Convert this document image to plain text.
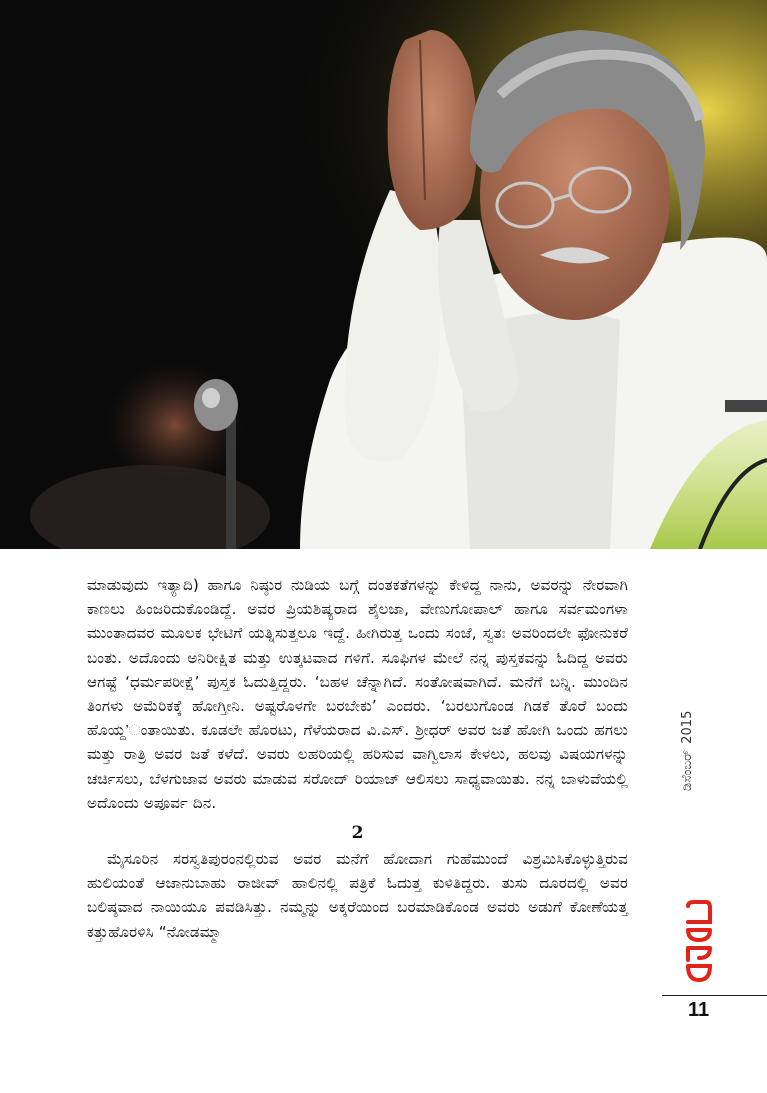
ಮಾಡುವುದು ಇತ್ಯಾದಿ) ಹಾಗೂ ನಿಷ್ಠುರ ನುಡಿಯ ಬಗ್ಗೆ ದಂತಕತೆಗಳನ್ನು ಕೇಳಿದ್ದ ನಾನು, ಅವರನ್ನು ನೇರವಾಗಿ ಕಾಣಲು ಹಿಂಜರಿದುಕೊಂಡಿದ್ದೆ. ಅವರ ಪ್ರಿಯಶಿಷ್ಯರಾದ ಶೈಲಜಾ, ವೇಣುಗೋಪಾಲ್ ಹಾಗೂ ಸರ್ವಮಂಗಳಾ ಮುಂತಾದವರ ಮೂಲಕ ಭೇಟಿಗೆ ಯತ್ನಿಸುತ್ತಲೂ ಇದ್ದೆ. ಹೀಗಿರುತ್ತ ಒಂದು ಸಂಜೆ, ಸ್ವತಃ ಅವರಿಂದಲೇ ಫೋನುಕರೆ ಬಂತು. ಅದೊಂದು ಅನಿರೀಕ್ಷಿತ ಮತ್ತು ಉತ್ಕಟವಾದ ಗಳಿಗೆ. ಸೂಫಿಗಳ ಮೇಲೆ ನನ್ನ ಪುಸ್ತಕವನ್ನು ಓದಿದ್ದ ಅವರು ಆಗಷ್ಟೆ ‘ಧರ್ಮಪರೀಕ್ಷೆ’ ಪುಸ್ತಕ ಓದುತ್ತಿದ್ದರು. ‘ಬಹಳ ಚೆನ್ನಾಗಿದೆ. ಸಂತೋಷವಾಗಿದೆ. ಮನೆಗೆ ಬನ್ನಿ. ಮುಂದಿನ ತಿಂಗಳು ಅಮೆರಿಕಕ್ಕೆ ಹೋಗ್ತೀನಿ. ಅಷ್ಟರೊಳಗೇ ಬರಬೇಕು’ ಎಂದರು. ‘ಬರಲುಗೊಂಡ ಗಿಡಕೆ ತೊರೆ ಬಂದು ಹೊಯ್ದ’ಂತಾಯಿತು. ಕೂಡಲೇ ಹೊರಟು, ಗೆಳೆಯರಾದ ವಿ.ಎಸ್. ಶ್ರೀಧರ್ ಅವರ ಜತೆ ಹೋಗಿ ಒಂದು ಹಗಲು ಮತ್ತು ರಾತ್ರಿ ಅವರ ಜತೆ ಕಳೆದೆ. ಅವರು ಲಹರಿಯಲ್ಲಿ ಹರಿಸುವ ವಾಗ್ವಿಲಾಸ ಕೇಳಲು, ಹಲವು ವಿಷಯಗಳನ್ನು ಚರ್ಚಿಸಲು, ಬೆಳಗುಜಾವ ಅವರು ಮಾಡುವ ಸರೋದ್ ರಿಯಾಜ್ ಆಲಿಸಲು ಸಾಧ್ಯವಾಯಿತು. ನನ್ನ ಬಾಳುವೆಯಲ್ಲಿ ಅದೊಂದು ಅಪೂರ್ವ ದಿನ.

2

ಮೈಸೂರಿನ ಸರಸ್ವತಿಪುರಂನಲ್ಲಿರುವ ಅವರ ಮನೆಗೆ ಹೋದಾಗ ಗುಹೆಮುಂದೆ ವಿಶ್ರಮಿಸಿಕೊಳ್ಳುತ್ತಿರುವ ಹುಲಿಯಂತೆ ಆಜಾನುಬಾಹು ರಾಜೀವ್ ಹಾಲಿನಲ್ಲಿ ಪತ್ರಿಕೆ ಓದುತ್ತ ಕುಳಿತಿದ್ದರು. ತುಸು ದೂರದಲ್ಲಿ ಅವರ ಬಲಿಷ್ಠವಾದ ನಾಯಿಯೂ ಪವಡಿಸಿತ್ತು. ನಮ್ಮನ್ನು ಅಕ್ಕರೆಯಿಂದ ಬರಮಾಡಿಕೊಂಡ ಅವರು ಅಡುಗೆ ಕೋಣೆಯತ್ತ ಕತ್ತುಹೊರಳಿಸಿ “ನೋಡಮ್ಮಾ

ಡಿಸೆಂಬರ್2015
11
